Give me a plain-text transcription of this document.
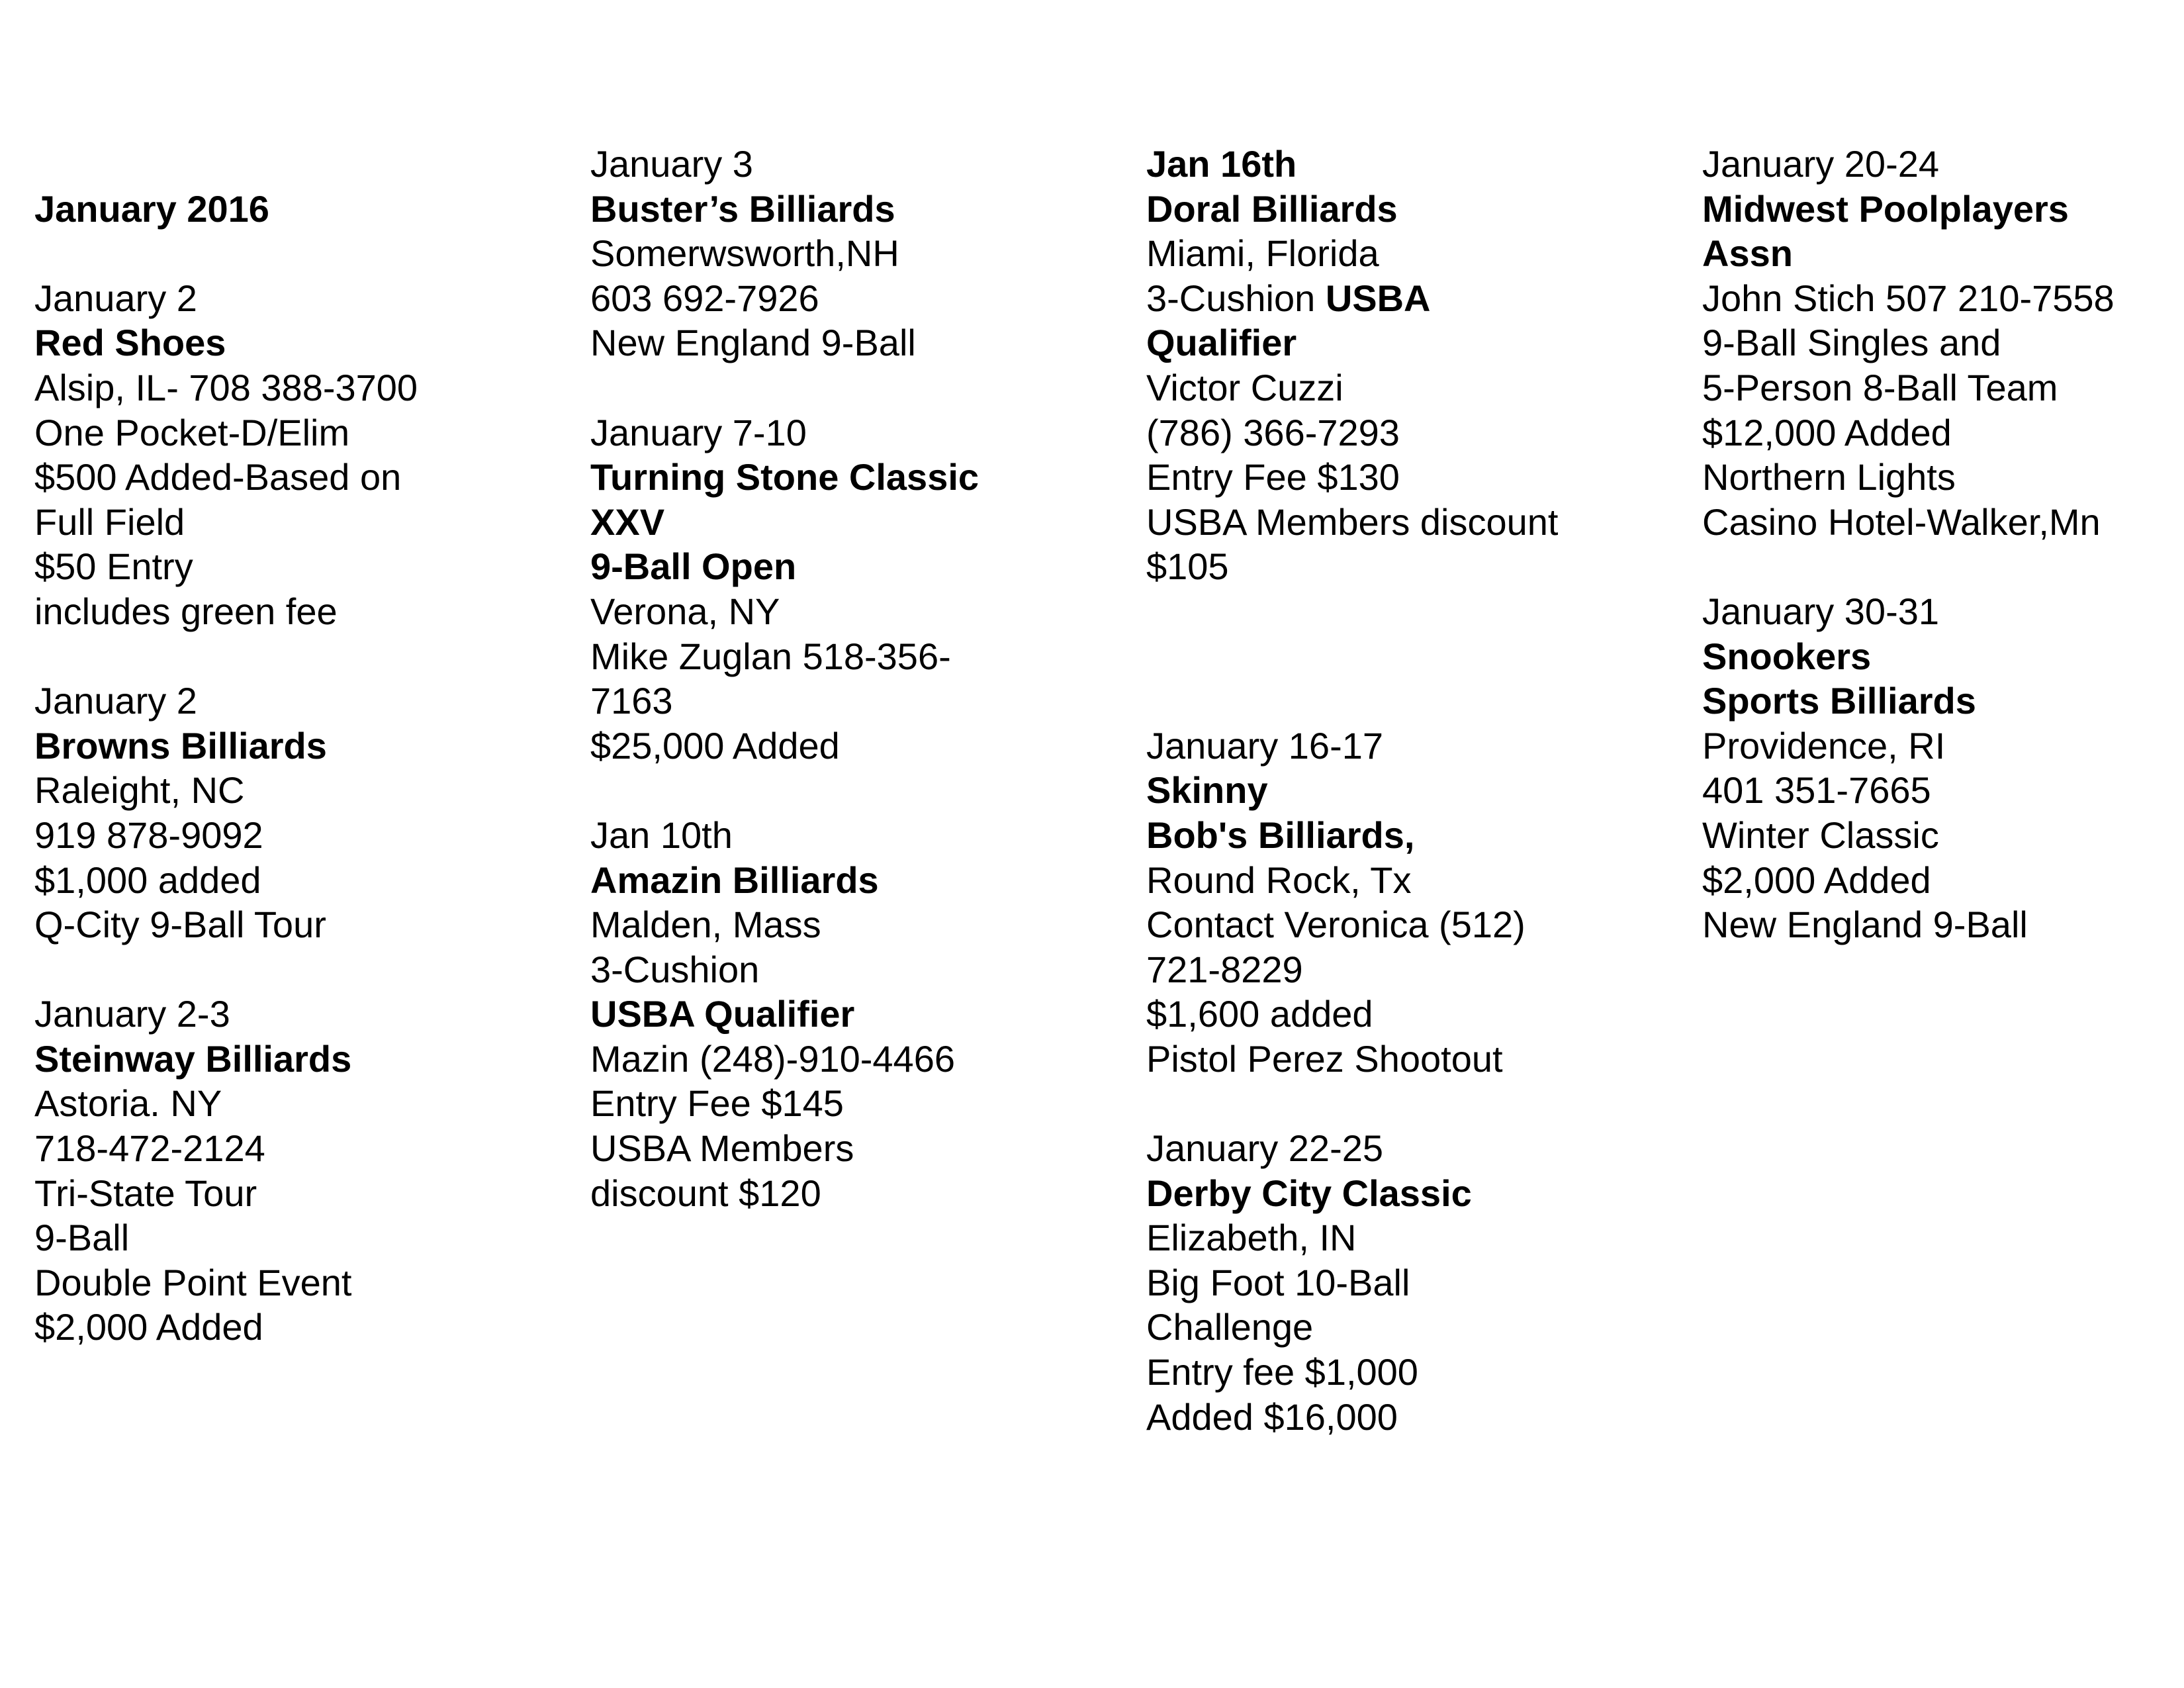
January 2016

January 2

Red Shoes

Alsip, IL- 708 388-3700

One Pocket-D/Elim

$500 Added-Based on

Full Field

$50 Entry

includes green fee

January 2

Browns Billiards

Raleight, NC

919 878-9092

$1,000 added

Q-City 9-Ball Tour

January 2-3

Steinway Billiards

Astoria. NY

718-472-2124

Tri-State Tour

9-Ball

Double Point Event

$2,000 Added

January 3

Buster’s Billiards

Somerwsworth,NH

603 692-7926

New England 9-Ball

January 7-10

Turning Stone Classic

XXV

9-Ball Open

Verona, NY

Mike Zuglan 518-356-

7163

$25,000 Added

Jan 10th

Amazin Billiards

Malden, Mass

3-Cushion

USBA Qualifier

Mazin (248)-910-4466

Entry Fee $145

USBA Members

discount $120

Jan 16th

Doral Billiards

Miami, Florida

3-Cushion USBA

Qualifier

Victor Cuzzi

(786) 366-7293

Entry Fee $130

USBA Members discount

$105

January 16-17

Skinny

Bob's Billiards,

Round Rock, Tx

Contact Veronica (512)

721-8229

$1,600 added

Pistol Perez Shootout

January 22-25

Derby City Classic

Elizabeth, IN

Big Foot 10-Ball

Challenge

Entry fee $1,000

Added $16,000

January 20-24

Midwest Poolplayers

Assn

John Stich 507 210-7558

9-Ball Singles and

5-Person 8-Ball Team

$12,000 Added

Northern Lights

Casino Hotel-Walker,Mn

January 30-31

Snookers

Sports Billiards

Providence, RI

401 351-7665

Winter Classic

$2,000 Added

New England 9-Ball
